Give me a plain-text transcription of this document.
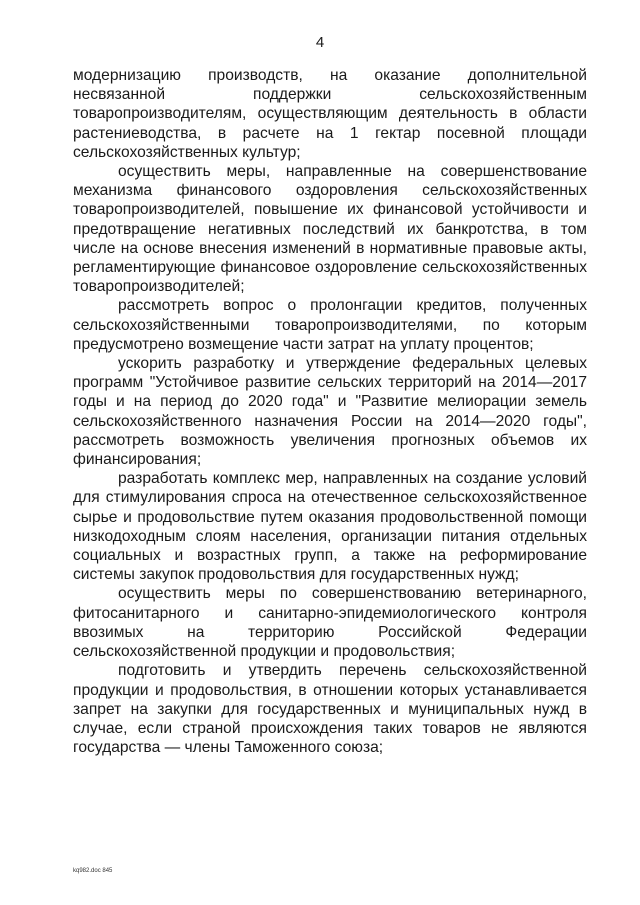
4

модернизацию производств, на оказание дополнительной несвязанной поддержки сельскохозяйственным товаропроизводителям, осуществляющим деятельность в области растениеводства, в расчете на 1 гектар посевной площади сельскохозяйственных культур;

осуществить меры, направленные на совершенствование механизма финансового оздоровления сельскохозяйственных товаропроизводителей, повышение их финансовой устойчивости и предотвращение негативных последствий их банкротства, в том числе на основе внесения изменений в нормативные правовые акты, регламентирующие финансовое оздоровление сельскохозяйственных товаропроизводителей;

рассмотреть вопрос о пролонгации кредитов, полученных сельскохозяйственными товаропроизводителями, по которым предусмотрено возмещение части затрат на уплату процентов;

ускорить разработку и утверждение федеральных целевых программ "Устойчивое развитие сельских территорий на 2014—2017 годы и на период до 2020 года" и "Развитие мелиорации земель сельскохозяйственного назначения России на 2014—2020 годы", рассмотреть возможность увеличения прогнозных объемов их финансирования;

разработать комплекс мер, направленных на создание условий для стимулирования спроса на отечественное сельскохозяйственное сырье и продовольствие путем оказания продовольственной помощи низкодоходным слоям населения, организации питания отдельных социальных и возрастных групп, а также на реформирование системы закупок продовольствия для государственных нужд;

осуществить меры по совершенствованию ветеринарного, фитосанитарного и санитарно-эпидемиологического контроля ввозимых на территорию Российской Федерации сельскохозяйственной продукции и продовольствия;

подготовить и утвердить перечень сельскохозяйственной продукции и продовольствия, в отношении которых устанавливается запрет на закупки для государственных и муниципальных нужд в случае, если страной происхождения таких товаров не являются государства — члены Таможенного союза;

kq982.doc 845
